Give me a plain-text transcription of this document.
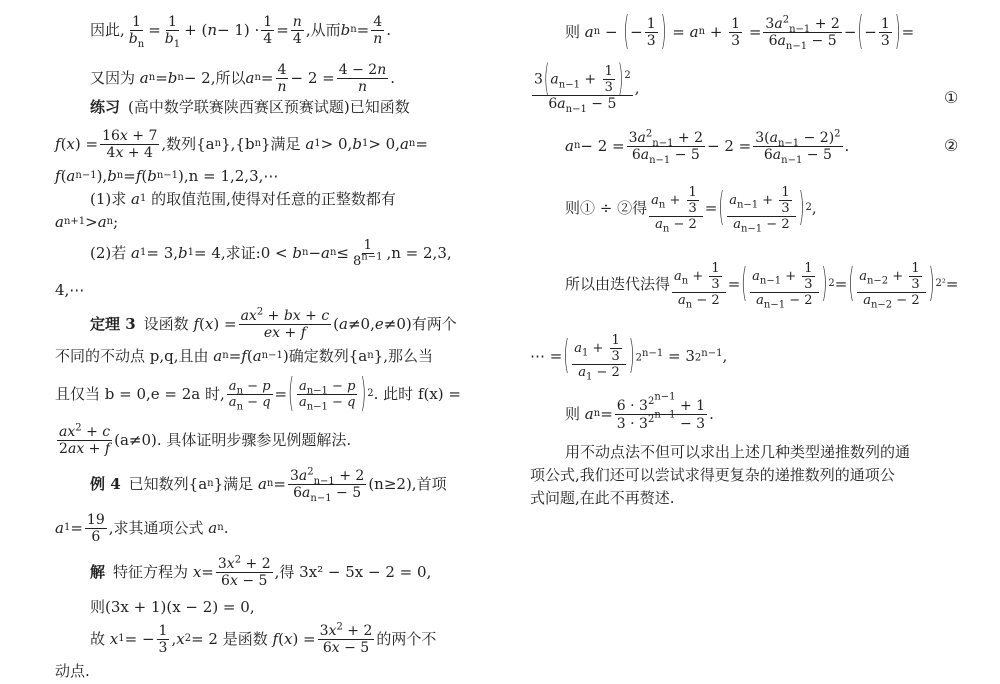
因此, $\frac{1}{b_n} = \frac{1}{b_1}$ + ( $n - 1) \cdot \frac{1}{4} = \frac{n}{4}$ ,从而 b $n = \frac{4}{n}$ .
又因为
a n = b n − 2 ,所以 a $n = \frac{4}{n} - 2 = \frac{4 - 2n}{n}$ .
练习 (高中数学联赛陕西赛区预赛试题)已知函数
f ( x ) = $\frac{16x + 7}{4x + 4}$ ,数列{a n },{b n }满足
a 1 > 0, b 1 > 0, a n =
f ( a n−1 ), b n = f ( b n−1 ) ,n = 1,2,3,⋯
(1)求
a 1
的取值范围,使得对任意的正整数都有
a n+1 > a n ;
(2)若
a 1 = 3, b 1 = 4 ,求证:0 <
b n − a $n \le \frac{1}{8^{n-1}} ,n = 2,3$,
4,⋯
定理 3 设函数
f ( x ) = $\frac{ax^2 + bx + c}{ex + f}$ ( a ≠0, e ≠0) 有两个
不同的不动点 p,q,且由
a n = f ( a n−1 ) 确定数列{a n },那么当
且仅当 b = 0,e = 2a 时, $\frac{a_n - p}{a_n - q}$ = ( $\frac{a_{n-1} - p}{a_{n-1} - q}$ ) 2 . 此时 f(x) =
$\frac{ax^2 + c}{2ax + f} (a\ne 0)$. 具体证明步骤参见例题解法.
例 4 已知数列{a n }满足
a $n = \frac{3a^2_{n-1} + 2}{6a_{n-1} - 5} (n\ge 2)$,首项
a $1 = \frac{19}{6}$ ,求其通项公式
a n .
解 特征方程为
$x = \frac{3x^2 + 2}{6x - 5}$ ,得 3x² − 5x − 2 = 0,
则(3x + 1)(x − 2) = 0,
故
x 1 = − $\frac{1}{3}$ , x 2 = 2 是函数
f ( x ) = $\frac{3x^2 + 2}{6x - 5}$ 的两个不
动点.
则
a n − ( − $\frac{1}{3}$ ) = a $n + \frac{1}{3} = \frac{3a^2_{n-1} + 2}{6a_{n-1} - 5}$ − ( − $\frac{1}{3}$ ) =
$\frac{3(a_{n-1} + \frac{1}{3} )^2}{6a_{n-1} - 5}$ ,
①
a $n - 2 = \frac{3a^2_{n-1} + 2}{6a_{n-1} - 5} - 2 = \frac{3(a_{n-1} - 2)^2}{6a_{n-1} - 5}$ .	②
则① ÷ ②得 $\frac{a_n + \frac{1}{3}}{a_n - 2}$ = ( $\frac{a_{n-1} + \frac{1}{3}}{a_{n-1} - 2}$ ) 2 ,
所以由迭代法得 $\frac{a_n + \frac{1}{3}}{a_n - 2}$ = ( $\frac{a_{n-1} + \frac{1}{3}}{a_{n-1} - 2}$ ) 2 = ( $\frac{a_{n-2} + \frac{1}{3}}{a_{n-2} - 2}$ ) 2² =
⋯ = ( $\frac{a_1 + \frac{1}{3}}{a_1 - 2}$ ) $2^{n-1} = 3$ $2^{n-1}$ ,
则
a $n = \frac{6 \cdot 3^{2^{n-1}} + 1}{3 \cdot 3^{2^{n-1}} - 3}$ .
用不动点法不但可以求出上述几种类型递推数列的通
项公式,我们还可以尝试求得更复杂的递推数列的通项公
式问题,在此不再赘述.
